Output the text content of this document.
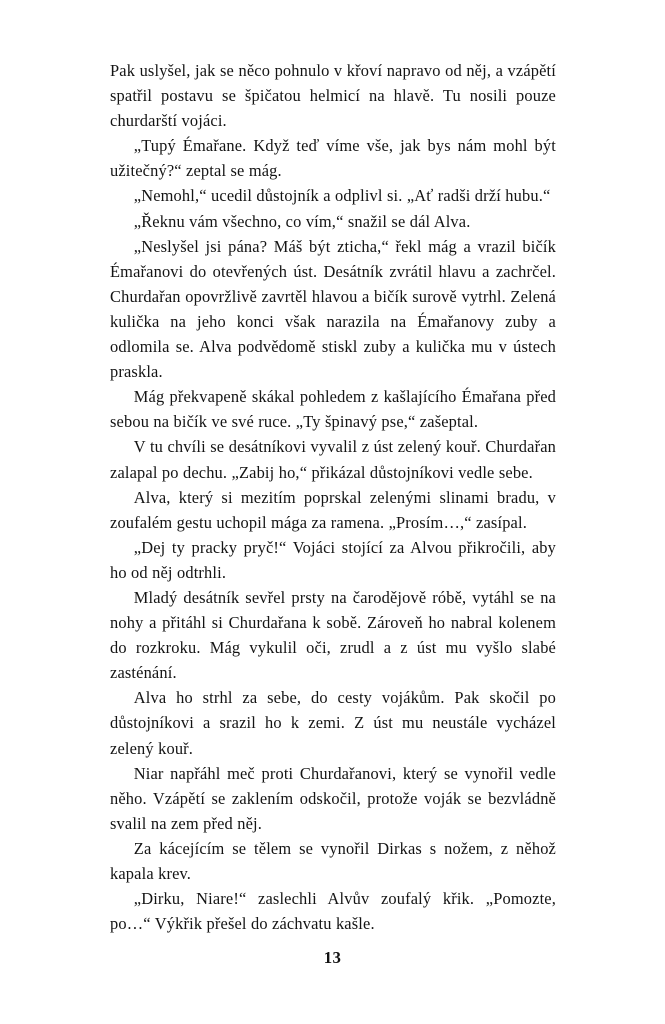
Pak uslyšel, jak se něco pohnulo v křoví napravo od něj, a vzápětí spatřil postavu se špičatou helmicí na hlavě. Tu nosili pouze churdarští vojáci.

„Tupý Émařane. Když teď víme vše, jak bys nám mohl být užitečný?“ zeptal se mág.

„Nemohl,“ ucedil důstojník a odplivl si. „Ať radši drží hubu.“

„Řeknu vám všechno, co vím,“ snažil se dál Alva.

„Neslyšel jsi pána? Máš být zticha,“ řekl mág a vrazil bičík Émařanovi do otevřených úst. Desátník zvrátil hlavu a zachrčel. Churdařan opovržlivě zavrtěl hlavou a bičík surově vytrhl. Zelená kulička na jeho konci však narazila na Émařanovy zuby a odlomila se. Alva podvědomě stiskl zuby a kulička mu v ústech praskla.

Mág překvapeně skákal pohledem z kašlajícího Émařana před sebou na bičík ve své ruce. „Ty špinavý pse,“ zašeptal.

V tu chvíli se desátníkovi vyvalil z úst zelený kouř. Churdařan zalapal po dechu. „Zabij ho,“ přikázal důstojníkovi vedle sebe.

Alva, který si mezitím poprskal zelenými slinami bradu, v zoufalém gestu uchopil mága za ramena. „Prosím…,“ zasípal.

„Dej ty pracky pryč!“ Vojáci stojící za Alvou přikročili, aby ho od něj odtrhli.

Mladý desátník sevřel prsty na čarodějově róbě, vytáhl se na nohy a přitáhl si Churdařana k sobě. Zároveň ho nabral kolenem do rozkroku. Mág vykulil oči, zrudl a z úst mu vyšlo slabé zasténání.

Alva ho strhl za sebe, do cesty vojákům. Pak skočil po důstojníkovi a srazil ho k zemi. Z úst mu neustále vycházel zelený kouř.

Niar napřáhl meč proti Churdařanovi, který se vynořil vedle něho. Vzápětí se zaklením odskočil, protože voják se bezvládně svalil na zem před něj.

Za kácejícím se tělem se vynořil Dirkas s nožem, z něhož kapala krev.

„Dirku, Niare!“ zaslechli Alvův zoufalý křik. „Pomozte, po…“ Výkřik přešel do záchvatu kašle.

13
